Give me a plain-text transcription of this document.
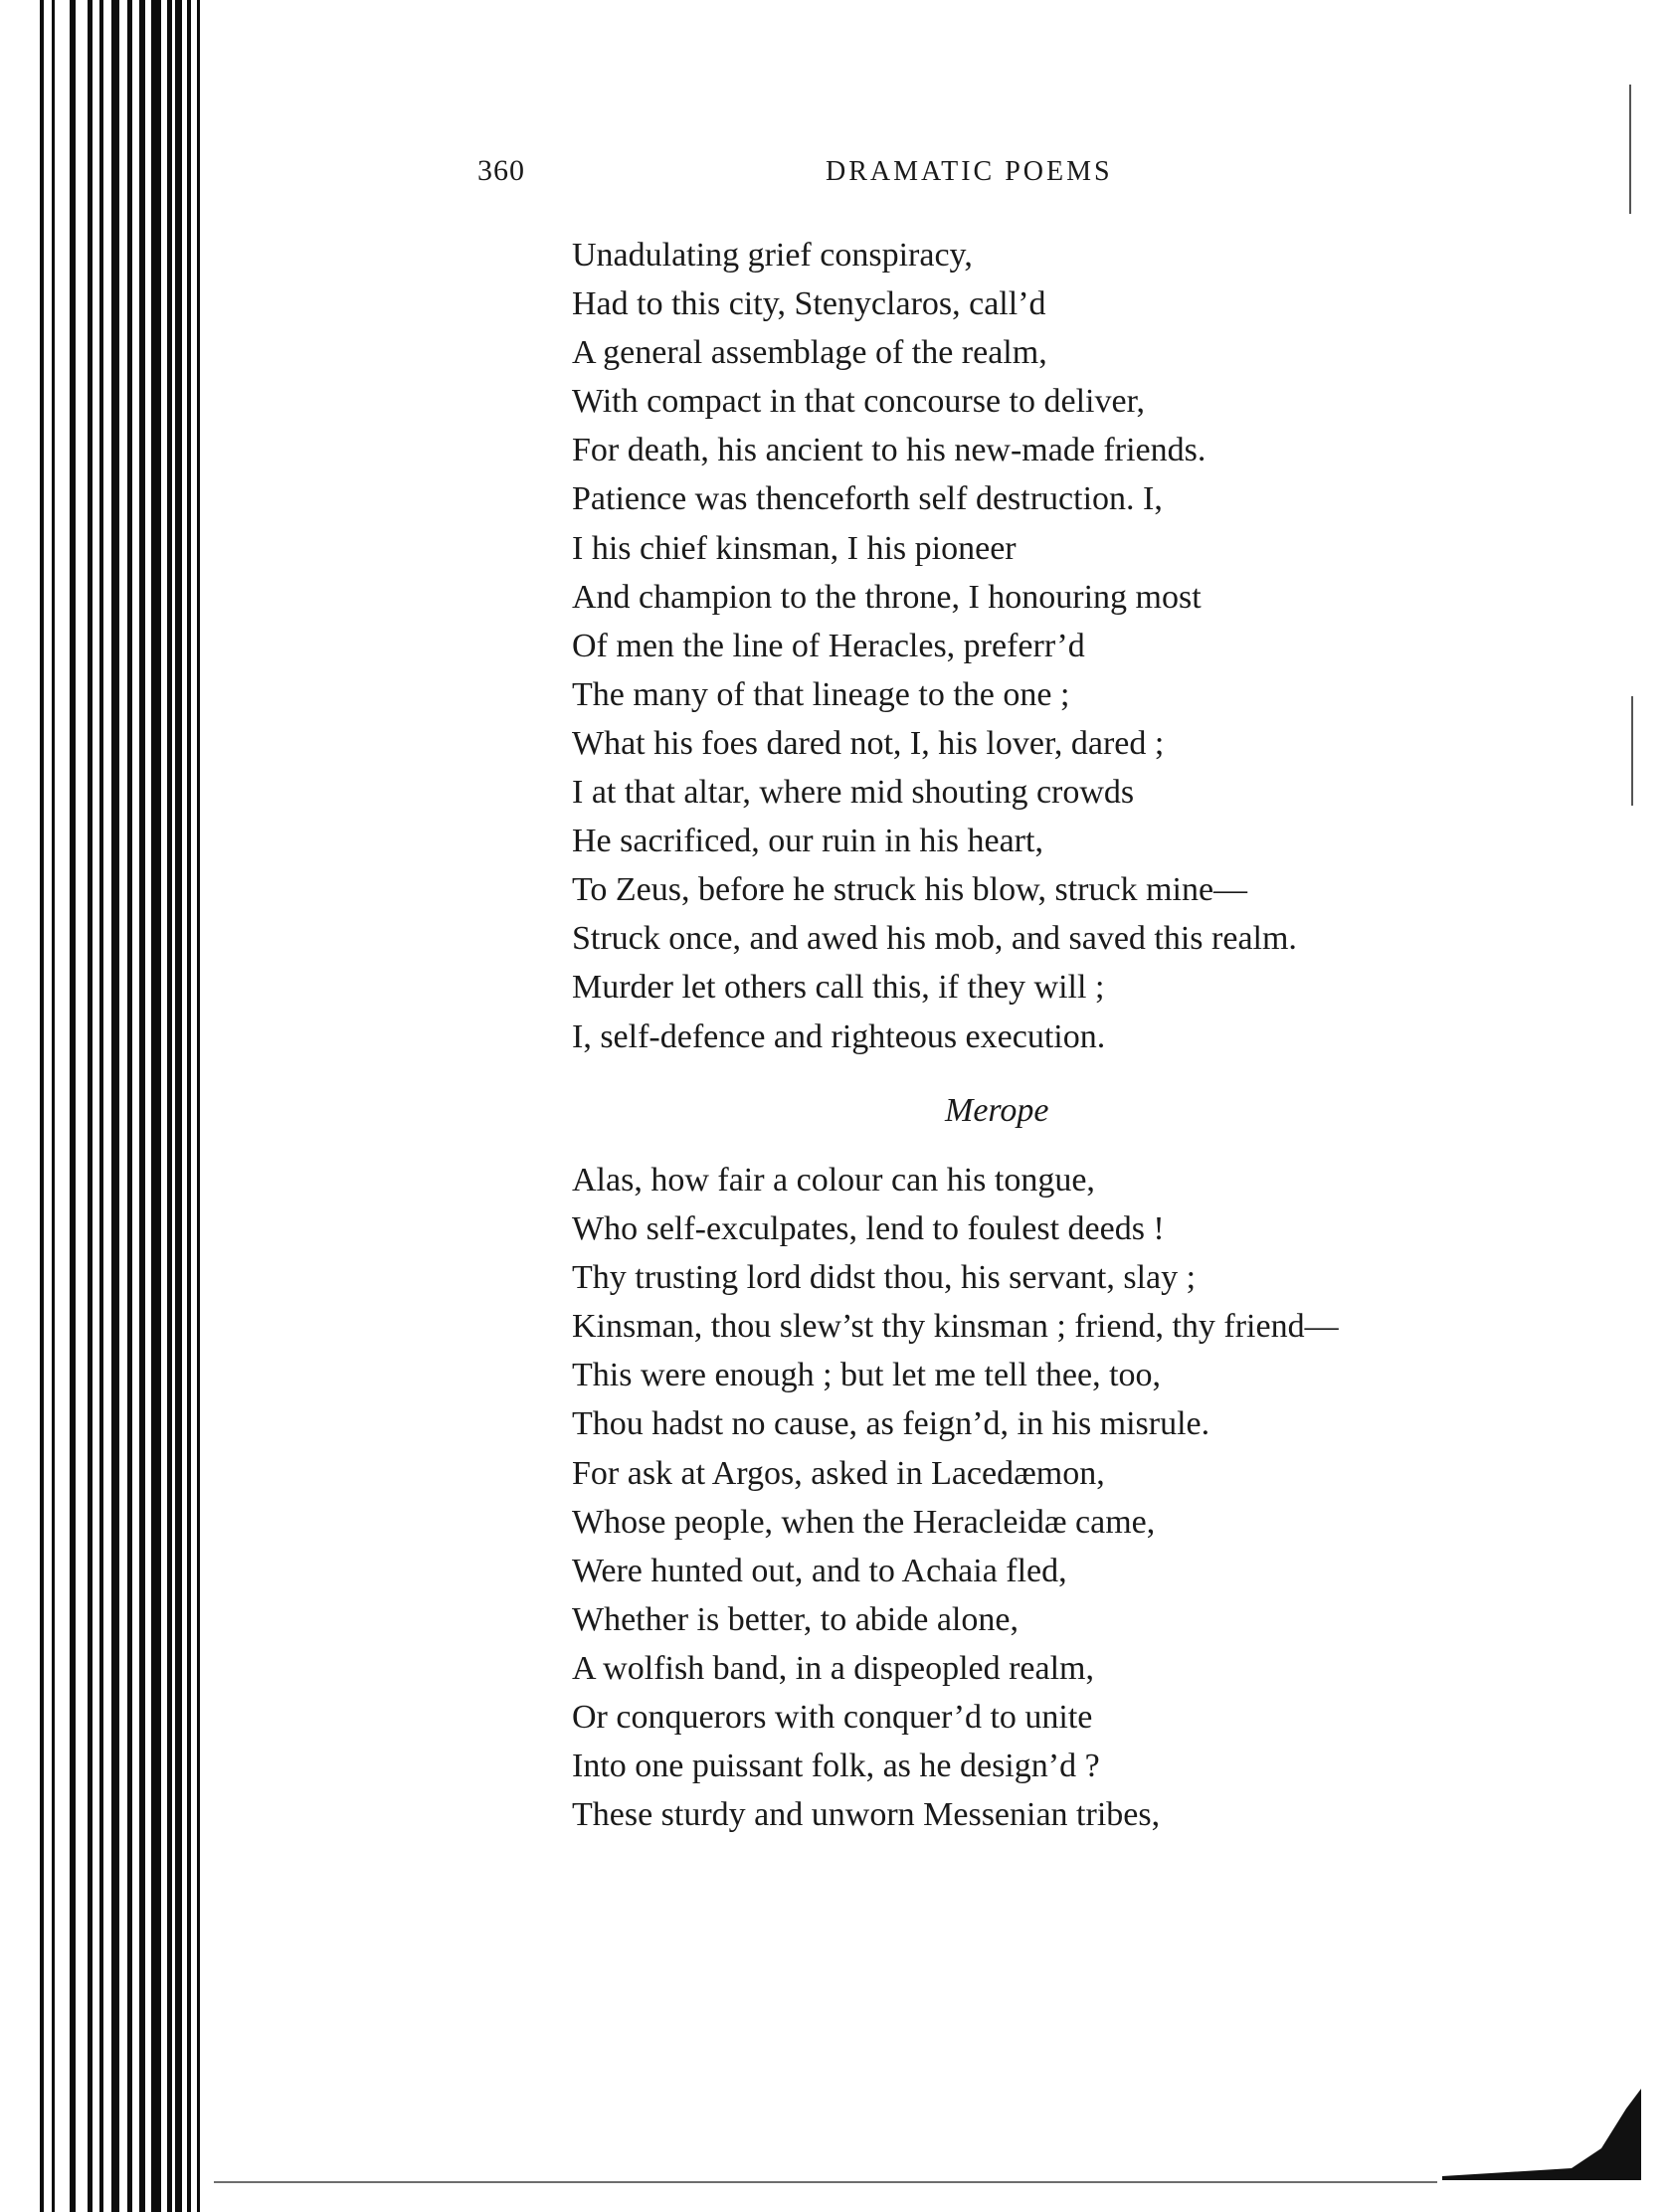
360	DRAMATIC POEMS
Unadulating grief conspiracy,
Had to this city, Stenyclaros, call’d
A general assemblage of the realm,
With compact in that concourse to deliver,
For death, his ancient to his new-made friends.
Patience was thenceforth self destruction. I,
I his chief kinsman, I his pioneer
And champion to the throne, I honouring most
Of men the line of Heracles, preferr’d
The many of that lineage to the one ;
What his foes dared not, I, his lover, dared ;
I at that altar, where mid shouting crowds
He sacrificed, our ruin in his heart,
To Zeus, before he struck his blow, struck mine—
Struck once, and awed his mob, and saved this realm.
Murder let others call this, if they will ;
I, self-defence and righteous execution.
Merope
Alas, how fair a colour can his tongue,
Who self-exculpates, lend to foulest deeds !
Thy trusting lord didst thou, his servant, slay ;
Kinsman, thou slew’st thy kinsman ; friend, thy friend—
This were enough ; but let me tell thee, too,
Thou hadst no cause, as feign’d, in his misrule.
For ask at Argos, asked in Lacedæmon,
Whose people, when the Heracleidæ came,
Were hunted out, and to Achaia fled,
Whether is better, to abide alone,
A wolfish band, in a dispeopled realm,
Or conquerors with conquer’d to unite
Into one puissant folk, as he design’d ?
These sturdy and unworn Messenian tribes,
